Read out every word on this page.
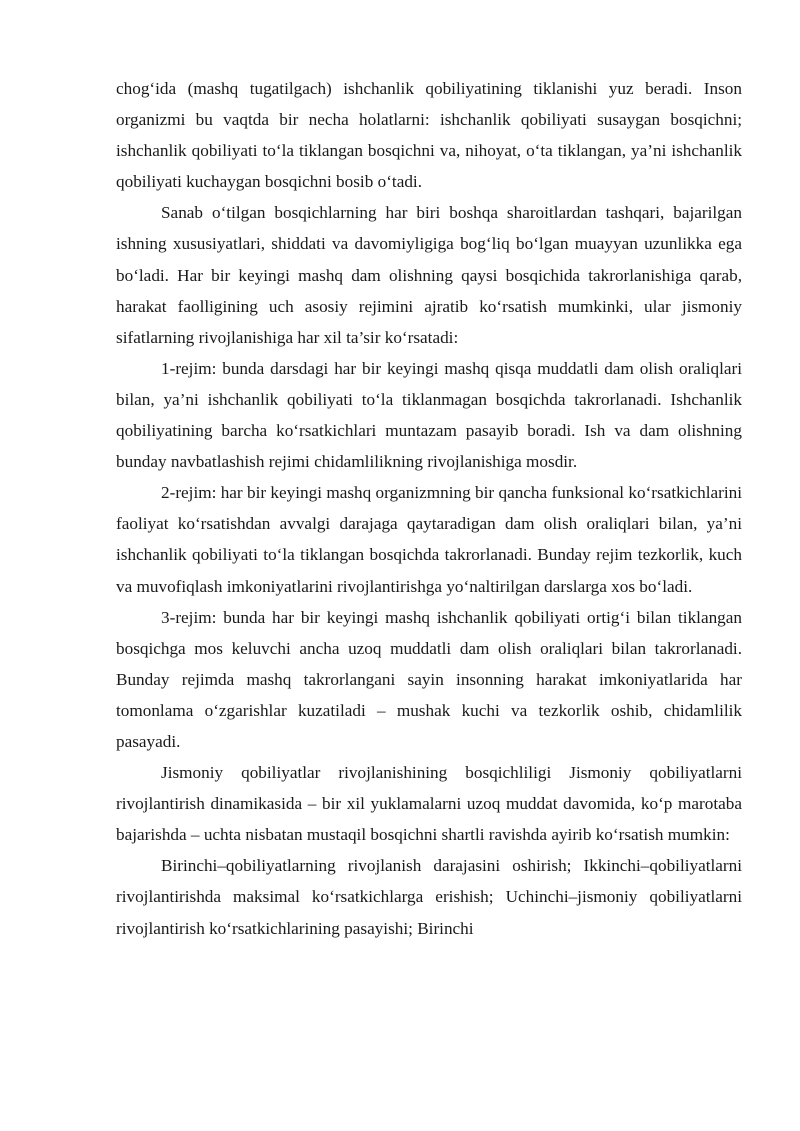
chog‘ida (mashq tugatilgach) ishchanlik qobiliyatining tiklanishi yuz beradi. Inson organizmi bu vaqtda bir necha holatlarni: ishchanlik qobiliyati susaygan bosqichni; ishchanlik qobiliyati to‘la tiklangan bosqichni va, nihoyat, o‘ta tiklangan, ya’ni ishchanlik qobiliyati kuchaygan bosqichni bosib o‘tadi.

Sanab o‘tilgan bosqichlarning har biri boshqa sharoitlardan tashqari, bajarilgan ishning xususiyatlari, shiddati va davomiyligiga bog‘liq bo‘lgan muayyan uzunlikka ega bo‘ladi. Har bir keyingi mashq dam olishning qaysi bosqichida takrorlanishiga qarab, harakat faolligining uch asosiy rejimini ajratib ko‘rsatish mumkinki, ular jismoniy sifatlarning rivojlanishiga har xil ta’sir ko‘rsatadi:

1-rejim: bunda darsdagi har bir keyingi mashq qisqa muddatli dam olish oraliqlari bilan, ya’ni ishchanlik qobiliyati to‘la tiklanmagan bosqichda takrorlanadi. Ishchanlik qobiliyatining barcha ko‘rsatkichlari muntazam pasayib boradi. Ish va dam olishning bunday navbatlashish rejimi chidamlilikning rivojlanishiga mosdir.

2-rejim: har bir keyingi mashq organizmning bir qancha funksional ko‘rsatkichlarini faoliyat ko‘rsatishdan avvalgi darajaga qaytaradigan dam olish oraliqlari bilan, ya’ni ishchanlik qobiliyati to‘la tiklangan bosqichda takrorlanadi. Bunday rejim tezkorlik, kuch va muvofiqlash imkoniyatlarini rivojlantirishga yo‘naltirilgan darslarga xos bo‘ladi.

3-rejim: bunda har bir keyingi mashq ishchanlik qobiliyati ortig‘i bilan tiklangan bosqichga mos keluvchi ancha uzoq muddatli dam olish oraliqlari bilan takrorlanadi. Bunday rejimda mashq takrorlangani sayin insonning harakat imkoniyatlarida har tomonlama o‘zgarishlar kuzatiladi – mushak kuchi va tezkorlik oshib, chidamlilik pasayadi.

Jismoniy qobiliyatlar rivojlanishining bosqichliligi Jismoniy qobiliyatlarni rivojlantirish dinamikasida – bir xil yuklamalarni uzoq muddat davomida, ko‘p marotaba bajarishda – uchta nisbatan mustaqil bosqichni shartli ravishda ayirib ko‘rsatish mumkin:

Birinchi–qobiliyatlarning rivojlanish darajasini oshirish; Ikkinchi–qobiliyatlarni rivojlantirishda maksimal ko‘rsatkichlarga erishish; Uchinchi–jismoniy qobiliyatlarni rivojlantirish ko‘rsatkichlarining pasayishi; Birinchi
